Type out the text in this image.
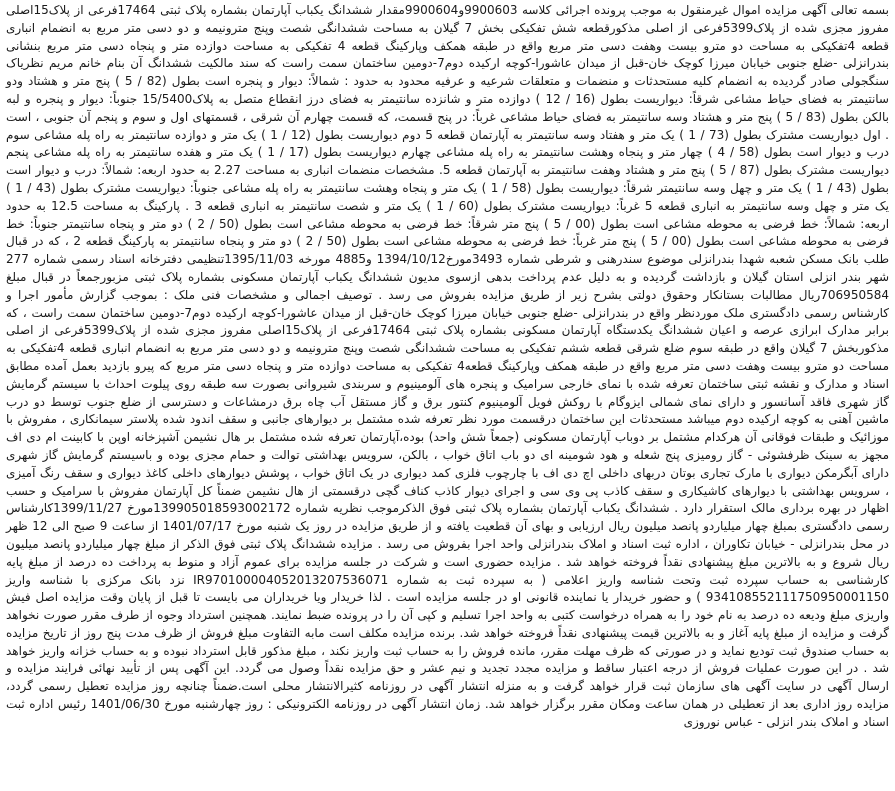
بسمه تعالی آگهی مزایده اموال غیرمنقول به موجب پرونده اجرائی کلاسه 9900603و9900604مقدار ششدانگ یکباب آپارتمان بشماره پلاک ثبتی 17464فرعی از پلاک15اصلی مفروز مجزی شده از پلاک5399فرعی از اصلی مذکورقطعه شش تفکیکی بخش 7 گیلان به مساحت ششدانگی شصت وپنج مترونیمه و دو دسی متر مربع به انضمام انباری قطعه 4تفکیکی به مساحت دو مترو بیست وهفت دسی متر مربع واقع در طبقه همکف وپارکینگ قطعه 4 تفکیکی به مساحت دوازده متر و پنجاه دسی متر مربع بنشانی بندرانزلی -ضلع جنوبی خیابان میرزا کوچک خان-قبل از میدان عاشورا-کوچه ارکیده دوم7-دومین ساختمان سمت راست که سند مالکیت ششدانگ آن بنام خانم مریم نظریاک سنگجولی صادر گردیده به انضمام کلیه مستحدثات و منضمات و متعلقات شرعیه و عرفیه محدود به حدود : شمالاً: دیوار و پنجره است بطول (82 / 5 ) پنج متر و هشتاد ودو سانتیمتر به فضای حیاط مشاعی شرقاً: دیواریست بطول (16 / 12 ) دوازده متر و شانزده سانتیمتر به فضای درز انقطاع متصل به پلاک15/5400 جنوباً: دیوار و پنجره و لبه بالکن بطول (83 / 5 ) پنج متر و هشتاد وسه سانتیمتر به فضای حیاط مشاعی غرباً: در پنج قسمت، که قسمت چهارم آن شرقی ، قسمتهای اول و سوم و پنجم آن جنوبی ، است . اول دیواریست مشترک بطول (73 / 1 ) یک متر و هفتاد وسه سانتیمتر به آپارتمان قطعه 5 دوم دیواریست بطول (12 / 1 ) یک متر و دوازده سانتیمتر به راه پله مشاعی سوم درب و دیوار است بطول (58 / 4 ) چهار متر و پنجاه وهشت سانتیمتر به راه پله مشاعی چهارم دیواریست بطول (17 / 1 ) یک متر و هفده سانتیمتر به راه پله مشاعی پنجم دیواریست مشترک بطول (87 / 5 ) پنج متر و هشتاد وهفت سانتیمتر به آپارتمان قطعه 5. مشخصات منضمات انباری به مساحت 2.27 به حدود اربعه: شمالاً: درب و دیوار است بطول (43 / 1 ) یک متر و چهل وسه سانتیمتر شرقاً: دیواریست بطول (58 / 1 ) یک متر و پنجاه وهشت سانتیمتر به راه پله مشاعی جنوباً: دیواریست مشترک بطول (43 / 1 ) یک متر و چهل وسه سانتیمتر به انباری قطعه 5 غرباً: دیواریست مشترک بطول (60 / 1 ) یک متر و شصت سانتیمتر به انباری قطعه 3 . پارکینگ به مساحت 12.5 به حدود اربعه: شمالاً: خط فرضی به محوطه مشاعی است بطول (00 / 5 ) پنج متر شرقاً: خط فرضی به محوطه مشاعی است بطول (50 / 2 ) دو متر و پنجاه سانتیمتر جنوباً: خط فرضی به محوطه مشاعی است بطول (00 / 5 ) پنج متر غرباً: خط فرضی به محوطه مشاعی است بطول (50 / 2 ) دو متر و پنجاه سانتیمتر به پارکینگ قطعه 2 ، که در قبال طلب بانک مسکن شعبه شهدا بندرانزلی موضوع سندرهنی و شرطی شماره 3493مورخ1394/10/12 و4885 مورخه 1395/11/03تنظیمی دفترخانه اسناد رسمی شماره 277 شهر بندر انزلی استان گیلان و بازداشت گردیده و به دلیل عدم پرداخت بدهی ازسوی مدیون ششدانگ یکباب آپارتمان مسکونی بشماره پلاک ثبتی مزبورجمعاً در قبال مبلغ 706950584ریال مطالبات بستانکار وحقوق دولتی بشرح زیر از طریق مزایده بفروش می رسد . توصیف اجمالی و مشخصات فنی ملک : بموجب گزارش مأمور اجرا و کارشناس رسمی دادگستری ملک موردنظر واقع در بندرانزلی -ضلع جنوبی خیابان میرزا کوچک خان-قبل از میدان عاشورا-کوچه ارکیده دوم7-دومین ساختمان سمت راست ، که برابر مدارک ابرازی عرصه و اعیان ششدانگ یکدستگاه آپارتمان مسکونی بشماره پلاک ثبتی 17464فرعی از پلاک15اصلی مفروز مجزی شده از پلاک5399فرعی از اصلی مذکوربخش 7 گیلان واقع در طبقه سوم ضلع شرقی قطعه ششم تفکیکی به مساحت ششدانگی شصت وپنج مترونیمه و دو دسی متر مربع به انضمام انباری قطعه 4تفکیکی به مساحت دو مترو بیست وهفت دسی متر مربع واقع در طبقه همکف وپارکینگ قطعه4 تفکیکی به مساحت دوازده متر و پنجاه دسی متر مربع که پیرو بازدید بعمل آمده مطابق اسناد و مدارک و نقشه ثبتی ساختمان تعرفه شده با نمای خارجی سرامیک و پنجره های آلومینیوم و سربندی شیروانی بصورت سه طبقه روی پیلوت احداث با سیستم گرمایش گاز شهری فاقد آسانسور و دارای نمای شمالی ایزوگام با روکش فویل آلومینیوم کنتور برق و گاز مستقل آب چاه برق درمشاعات و دسترسی از ضلع جنوب توسط دو درب ماشین آهنی به کوچه ارکیده دوم میباشد مستحدثات این ساختمان درقسمت مورد نظر تعرفه شده مشتمل بر دیوارهای جانبی و سقف اندود شده پلاستر سیمانکاری ، مفروش با موزائیک و طبقات فوقانی آن هرکدام مشتمل بر دوباب آپارتمان مسکونی (جمعاً شش واحد) بوده،آپارتمان تعرفه شده مشتمل بر هال نشیمن آشپزخانه اوپن با کابینت ام دی اف مجهز به سینک ظرفشوئی - گاز رومیزی پنج شعله و هود شومینه ای دو باب اتاق خواب ، بالکن، سرویس بهداشتی توالت و حمام مجزی بوده و باسیستم گرمایش گاز شهری دارای آبگرمکن دیواری با مارک تجاری بوتان دربهای داخلی اچ دی اف با چارچوب فلزی کمد دیواری در یک اتاق خواب ، پوشش دیوارهای داخلی کاغذ دیواری و سقف رنگ آمیزی ، سرویس بهداشتی با دیوارهای کاشیکاری و سقف کاذب پی وی سی و اجرای دیوار کاذب کناف گچی درقسمتی از هال نشیمن ضمناً کل آپارتمان مفروش با سرامیک و حسب اظهار در بهره برداری مالک استقرار دارد . ششدانگ یکباب آپارتمان بشماره پلاک ثبتی فوق الذکرموجب نظریه شماره 139905018593002172مورخ 1399/11/27کارشناس رسمی دادگستری بمبلغ چهار میلیاردو پانصد میلیون ریال ارزیابی و بهای آن قطعیت یافته و از طریق مزایده در روز یک شنبه مورخ 1401/07/17 از ساعت 9 صبح الی 12 ظهر در محل بندرانزلی - خیابان تکاوران ، اداره ثبت اسناد و املاک بندرانزلی واحد اجرا بفروش می رسد . مزایده ششدانگ پلاک ثبتی فوق الذکر از مبلغ چهار میلیاردو پانصد میلیون ریال شروع و به بالاترین مبلغ پیشنهادی نقداً فروخته خواهد شد . مزایده حضوری است و شرکت در جلسه مزایده برای عموم آزاد و منوط به پرداخت ده درصد از مبلغ پایه کارشناسی به حساب سپرده ثبت وتحت شناسه واریز اعلامی ( به سپرده ثبت به شماره IR970100004052013207536071 نزد بانک مرکزی با شناسه واریز 934108552111750950001150 ) و حضور خریدار یا نماینده قانونی او در جلسه مزایده است . لذا خریدار ویا خریداران می بایست تا قبل از پایان وقت مزایده اصل فیش واریزی مبلغ ودیعه ده درصد به نام خود را به همراه درخواست کتبی به واحد اجرا تسلیم و کپی آن را در پرونده ضبط نمایند. همچنین استرداد وجوه از طرف مقرر صورت نخواهد گرفت و مزایده از مبلغ پایه آغاز و به بالاترین قیمت پیشنهادی نقداً فروخته خواهد شد. برنده مزایده مکلف است مابه التفاوت مبلغ فروش از ظرف مدت پنج روز از تاریخ مزایده به حساب صندوق ثبت تودیع نماید و در صورتی که ظرف مهلت مقرر، مانده فروش را به حساب ثبت واریز نکند ، مبلغ مذکور قابل استرداد نبوده و به حساب خزانه واریز خواهد شد . در این صورت عملیات فروش از درجه اعتبار ساقط و مزایده مجدد تجدید و نیم عشر و حق مزایده نقداً وصول می گردد. این آگهی پس از تأیید نهائی فرایند مزایده و ارسال آگهی در سایت آگهی های سازمان ثبت قرار خواهد گرفت و به منزله انتشار آگهی در روزنامه کثیرالانتشار محلی است.ضمناً چنانچه روز مزایده تعطیل رسمی گردد، مزایده روز اداری بعد از تعطیلی در همان ساعت ومکان مقرر برگزار خواهد شد. زمان انتشار آگهی در روزنامه الکترونیکی : روز چهارشنبه مورخ 1401/06/30 رئیس اداره ثبت اسناد و املاک بندر انزلی - عباس نوروزی
